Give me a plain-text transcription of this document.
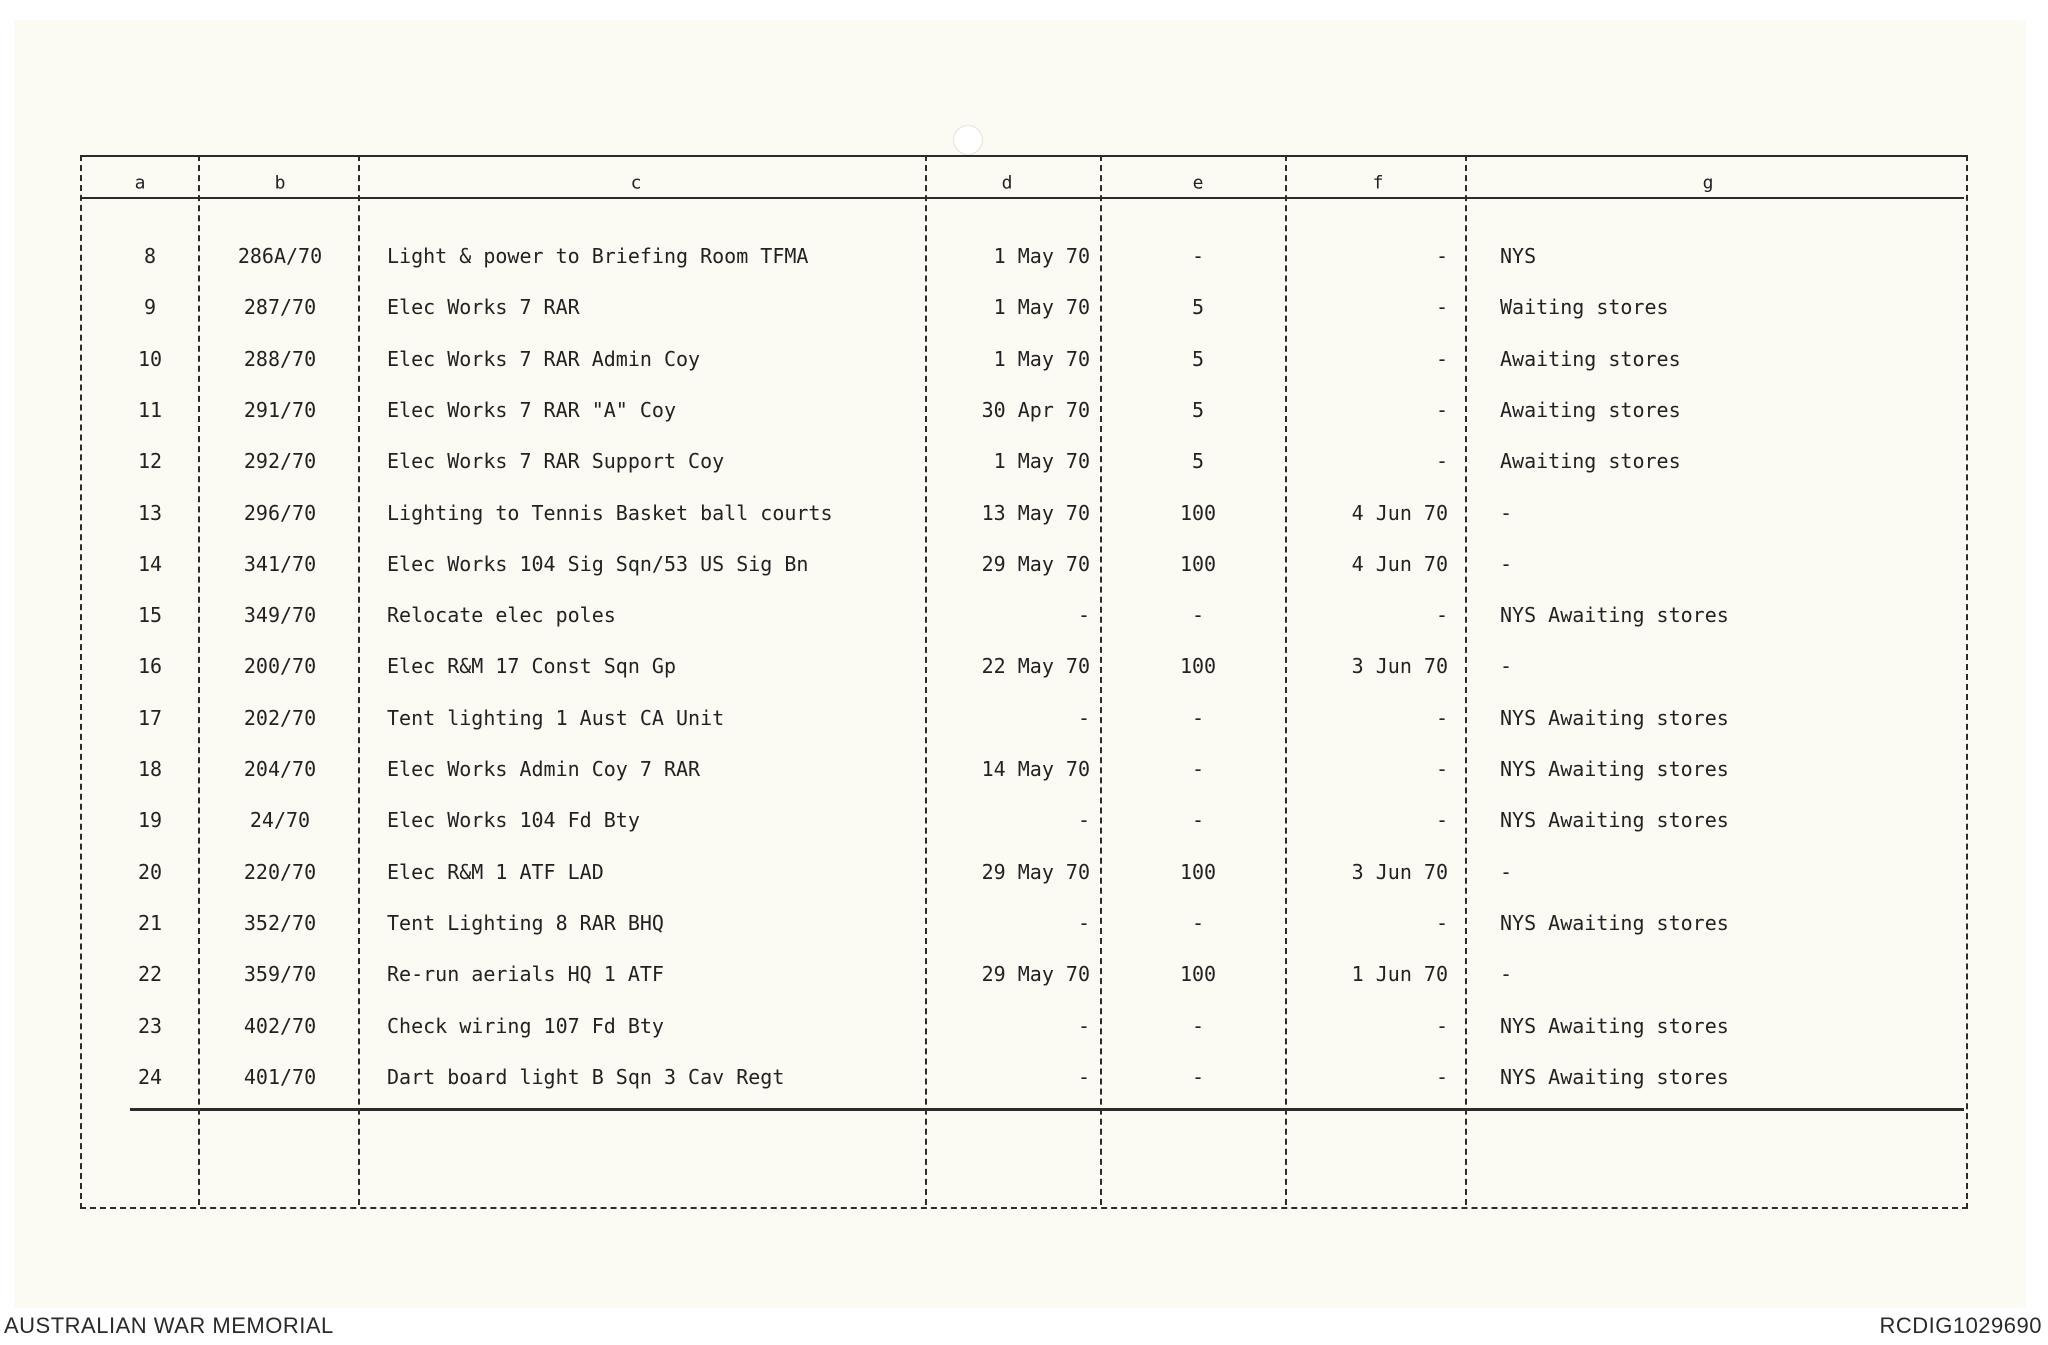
a	b	c	d	e	f	g
8	286A/70	Light & power to Briefing Room TFMA	1 May 70	-	-	NYS
9	287/70	Elec Works 7 RAR	1 May 70	5	-	Waiting stores
10	288/70	Elec Works 7 RAR Admin Coy	1 May 70	5	-	Awaiting stores
11	291/70	Elec Works 7 RAR "A" Coy	30 Apr 70	5	-	Awaiting stores
12	292/70	Elec Works 7 RAR Support Coy	1 May 70	5	-	Awaiting stores
13	296/70	Lighting to Tennis Basket ball courts	13 May 70	100	4 Jun 70	-
14	341/70	Elec Works 104 Sig Sqn/53 US Sig Bn	29 May 70	100	4 Jun 70	-
15	349/70	Relocate elec poles	-	-	-	NYS Awaiting stores
16	200/70	Elec R&M 17 Const Sqn Gp	22 May 70	100	3 Jun 70	-
17	202/70	Tent lighting 1 Aust CA Unit	-	-	-	NYS Awaiting stores
18	204/70	Elec Works Admin Coy 7 RAR	14 May 70	-	-	NYS Awaiting stores
19	24/70	Elec Works 104 Fd Bty	-	-	-	NYS Awaiting stores
20	220/70	Elec R&M 1 ATF LAD	29 May 70	100	3 Jun 70	-
21	352/70	Tent Lighting 8 RAR BHQ	-	-	-	NYS Awaiting stores
22	359/70	Re-run aerials HQ 1 ATF	29 May 70	100	1 Jun 70	-
23	402/70	Check wiring 107 Fd Bty	-	-	-	NYS Awaiting stores
24	401/70	Dart board light B Sqn 3 Cav Regt	-	-	-	NYS Awaiting stores
AUSTRALIAN WAR MEMORIAL	RCDIG1029690
